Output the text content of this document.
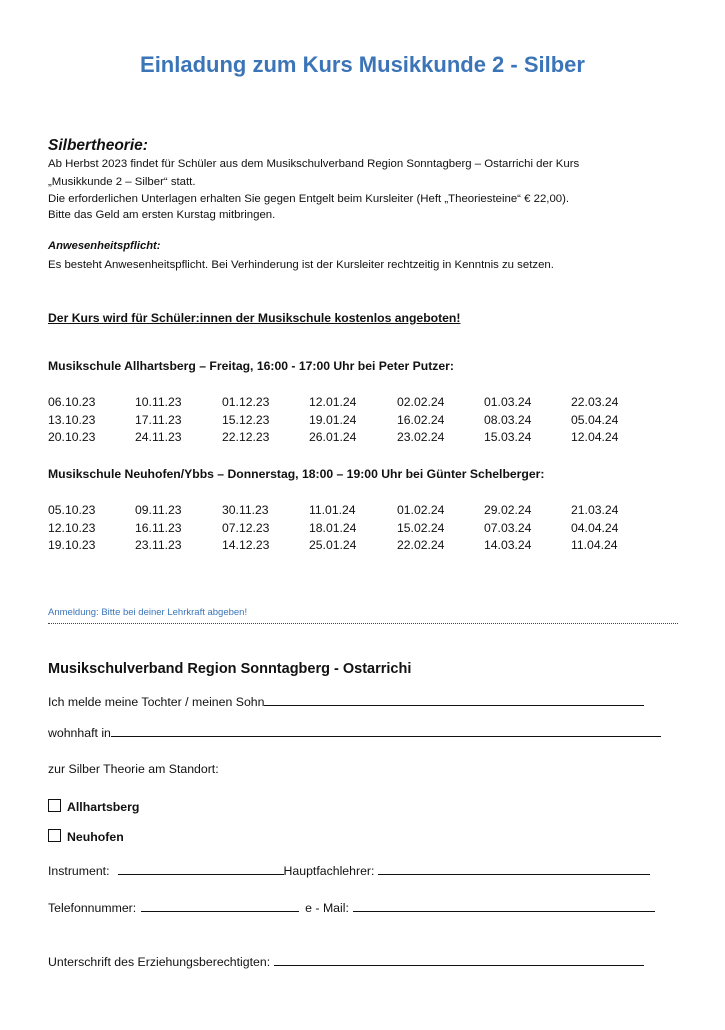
Einladung zum Kurs Musikkunde 2 - Silber
Silbertheorie:
Ab Herbst 2023 findet für Schüler aus dem Musikschulverband Region Sonntagberg – Ostarrichi der Kurs
„Musikkunde 2 – Silber“ statt.
Die erforderlichen Unterlagen erhalten Sie gegen Entgelt beim Kursleiter (Heft „Theoriesteine“ € 22,00).
Bitte das Geld am ersten Kurstag mitbringen.
Anwesenheitspflicht:
Es besteht Anwesenheitspflicht. Bei Verhinderung ist der Kursleiter rechtzeitig in Kenntnis zu setzen.
Der Kurs wird für Schüler:innen der Musikschule kostenlos angeboten!
Musikschule Allhartsberg – Freitag, 16:00 - 17:00 Uhr bei Peter Putzer:
06.10.23	10.11.23	01.12.23	12.01.24	02.02.24	01.03.24	22.03.24
13.10.23	17.11.23	15.12.23	19.01.24	16.02.24	08.03.24	05.04.24
20.10.23	24.11.23	22.12.23	26.01.24	23.02.24	15.03.24	12.04.24
Musikschule Neuhofen/Ybbs – Donnerstag, 18:00 – 19:00 Uhr bei Günter Schelberger:
05.10.23	09.11.23	30.11.23	11.01.24	01.02.24	29.02.24	21.03.24
12.10.23	16.11.23	07.12.23	18.01.24	15.02.24	07.03.24	04.04.24
19.10.23	23.11.23	14.12.23	25.01.24	22.02.24	14.03.24	11.04.24
Anmeldung: Bitte bei deiner Lehrkraft abgeben!
Musikschulverband Region Sonntagberg - Ostarrichi
Ich melde meine Tochter / meinen Sohn
wohnhaft in
zur Silber Theorie am Standort:
Allhartsberg
Neuhofen
Instrument:	Hauptfachlehrer:
Telefonnummer:	e - Mail:
Unterschrift des Erziehungsberechtigten:
